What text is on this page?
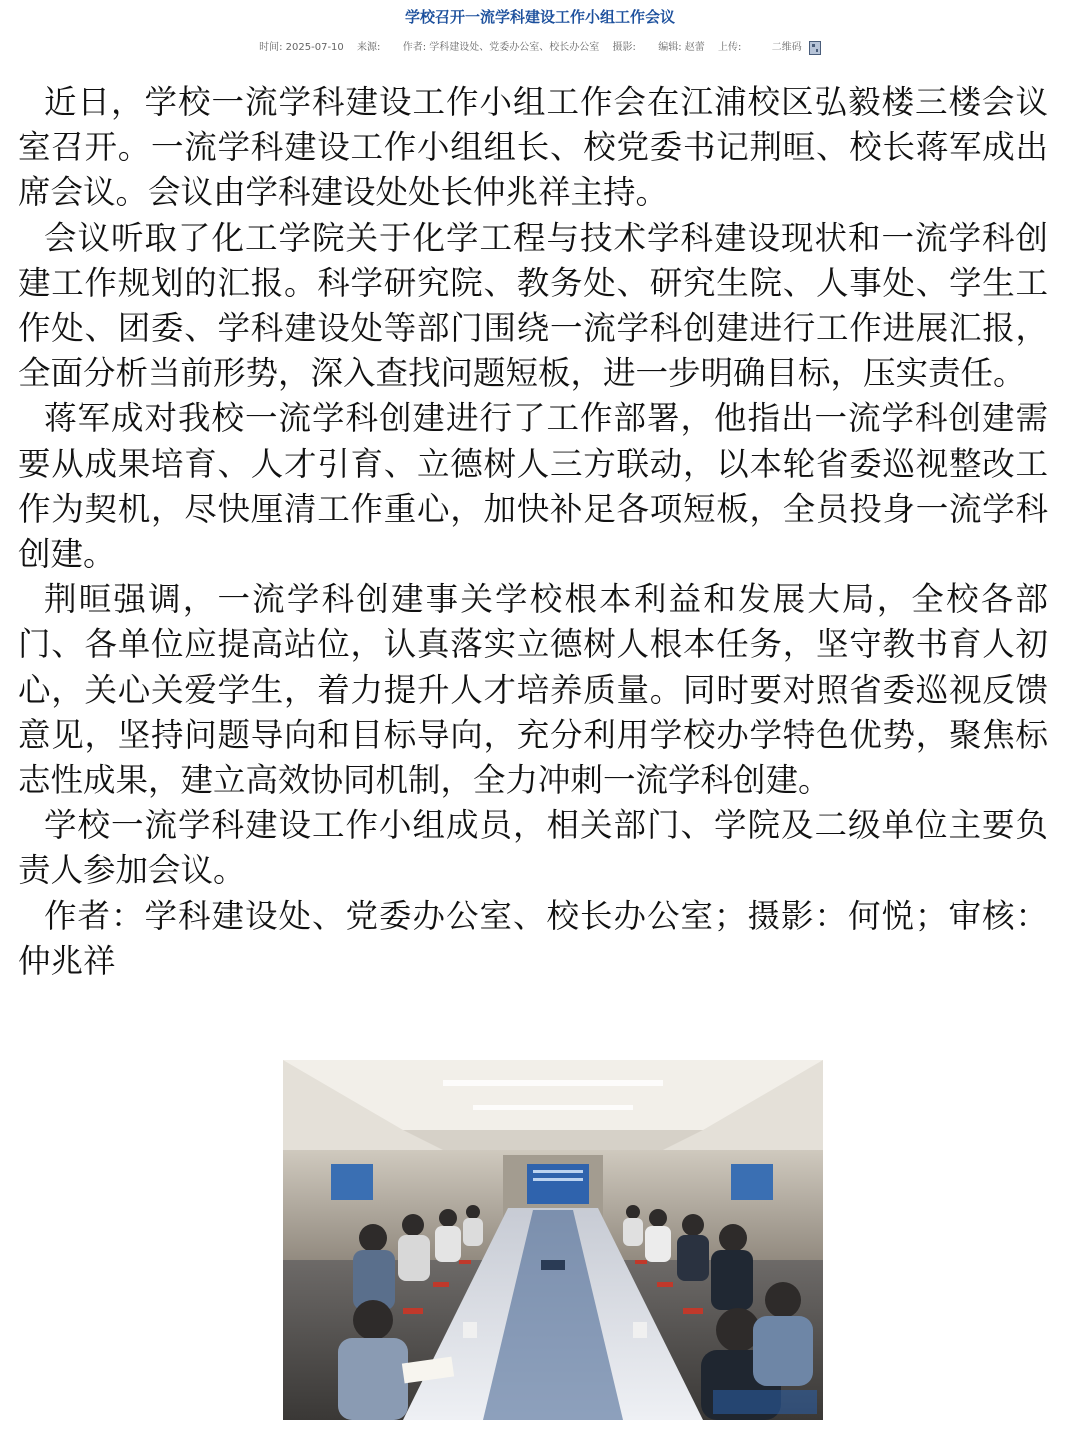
学校召开一流学科建设工作小组工作会议
时间: 2025-07-10 来源: 作者: 学科建设处、党委办公室、校长办公室 摄影: 编辑: 赵蕾 上传:	二维码

近日，学校一流学科建设工作小组工作会在江浦校区弘毅楼三楼会议室召开。一流学科建设工作小组组长、校党委书记荆晅、校长蒋军成出席会议。会议由学科建设处处长仲兆祥主持。

会议听取了化工学院关于化学工程与技术学科建设现状和一流学科创建工作规划的汇报。科学研究院、教务处、研究生院、人事处、学生工作处、团委、学科建设处等部门围绕一流学科创建进行工作进展汇报，全面分析当前形势，深入查找问题短板，进一步明确目标，压实责任。

蒋军成对我校一流学科创建进行了工作部署，他指出一流学科创建需要从成果培育、人才引育、立德树人三方联动，以本轮省委巡视整改工作为契机，尽快厘清工作重心，加快补足各项短板，全员投身一流学科创建。

荆晅强调，一流学科创建事关学校根本利益和发展大局，全校各部门、各单位应提高站位，认真落实立德树人根本任务，坚守教书育人初心，关心关爱学生，着力提升人才培养质量。同时要对照省委巡视反馈意见，坚持问题导向和目标导向，充分利用学校办学特色优势，聚焦标志性成果，建立高效协同机制，全力冲刺一流学科创建。

学校一流学科建设工作小组成员，相关部门、学院及二级单位主要负责人参加会议。

作者：学科建设处、党委办公室、校长办公室；摄影：何悦；审核：仲兆祥
